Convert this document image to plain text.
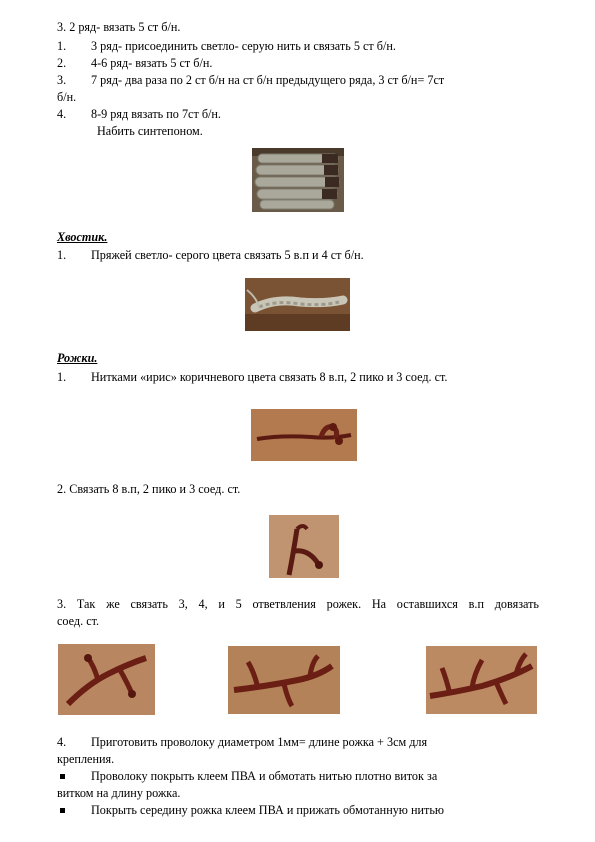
3. 2 ряд- вязать 5 ст б/н.
1. 3 ряд- присоединить светло- серую нить и связать 5 ст б/н.
2. 4-6 ряд- вязать 5 ст б/н.
3. 7 ряд- два раза по 2 ст б/н на ст б/н предыдущего ряда, 3 ст б/н= 7ст
б/н.
4. 8-9 ряд вязать по 7ст б/н.
Набить синтепоном.
Хвостик.
1. Пряжей светло- серого цвета связать 5 в.п и 4 ст б/н.
Рожки.
1. Нитками «ирис» коричневого цвета связать 8 в.п, 2 пико и 3 соед. ст.
2. Связать 8 в.п, 2 пико и 3 соед. ст.
3. Так же связать 3, 4, и 5 ответвления рожек. На оставшихся в.п довязать
соед. ст.
4. Приготовить проволоку диаметром 1мм= длине рожка + 3см для
крепления.
Проволоку покрыть клеем ПВА и обмотать нитью плотно виток за
витком на длину рожка.
Покрыть середину рожка клеем ПВА и прижать обмотанную нитью
